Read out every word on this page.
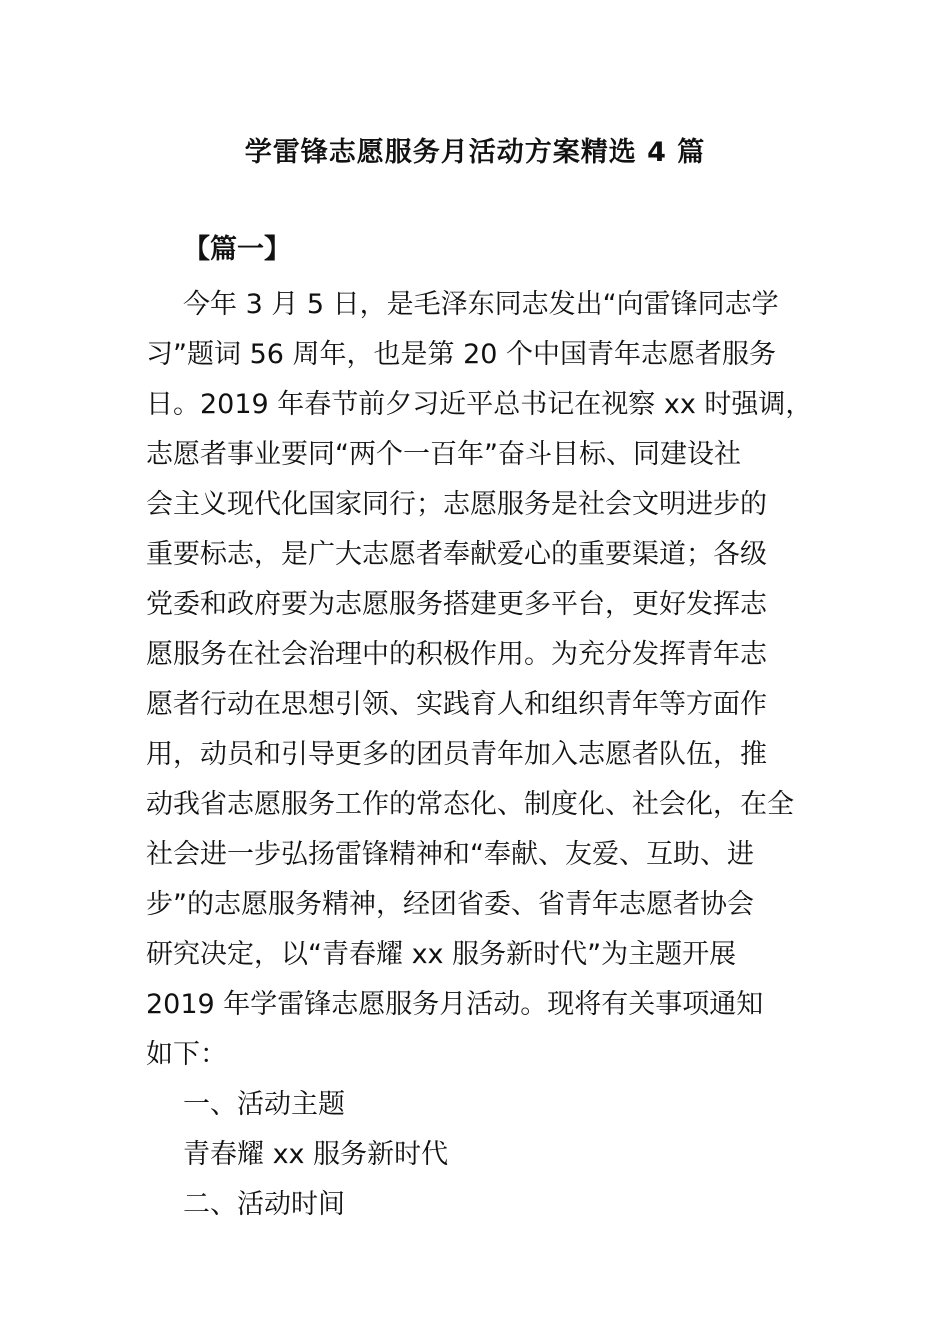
学雷锋志愿服务月活动方案精选 4 篇
【篇一】
今年 3 月 5 日，是毛泽东同志发出“向雷锋同志学
习”题词 56 周年，也是第 20 个中国青年志愿者服务
日。2019 年春节前夕习近平总书记在视察 xx 时强调，
志愿者事业要同“两个一百年”奋斗目标、同建设社
会主义现代化国家同行；志愿服务是社会文明进步的
重要标志，是广大志愿者奉献爱心的重要渠道；各级
党委和政府要为志愿服务搭建更多平台，更好发挥志
愿服务在社会治理中的积极作用。为充分发挥青年志
愿者行动在思想引领、实践育人和组织青年等方面作
用，动员和引导更多的团员青年加入志愿者队伍，推
动我省志愿服务工作的常态化、制度化、社会化，在全
社会进一步弘扬雷锋精神和“奉献、友爱、互助、进
步”的志愿服务精神，经团省委、省青年志愿者协会
研究决定，以“青春耀 xx 服务新时代”为主题开展
2019 年学雷锋志愿服务月活动。现将有关事项通知
如下：
一、活动主题
青春耀 xx 服务新时代
二、活动时间
